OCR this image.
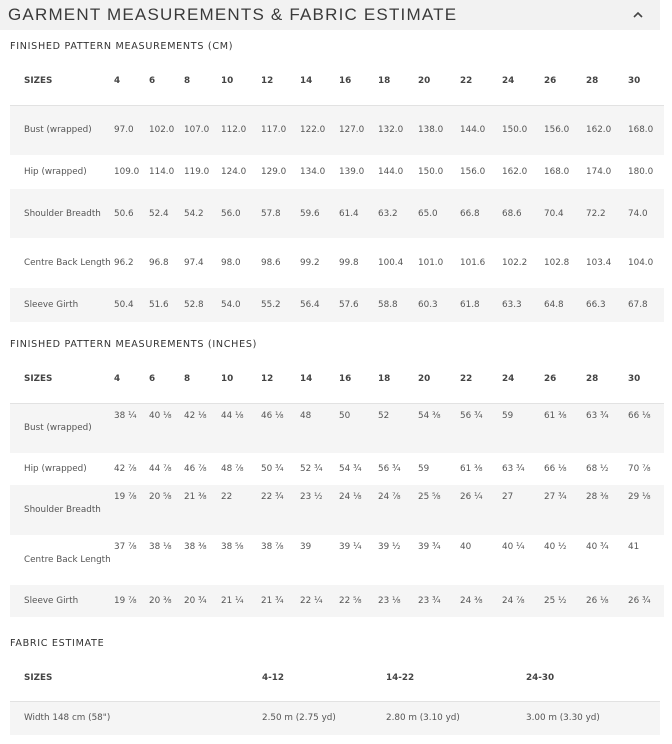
GARMENT MEASUREMENTS & FABRIC ESTIMATE
FINISHED PATTERN MEASUREMENTS (CM)
SIZES	4	6	8	10	12	14	16	18	20	22	24	26	28	30
Bust (wrapped)	97.0	102.0	107.0	112.0	117.0	122.0	127.0	132.0	138.0	144.0	150.0	156.0	162.0	168.0
Hip (wrapped)	109.0	114.0	119.0	124.0	129.0	134.0	139.0	144.0	150.0	156.0	162.0	168.0	174.0	180.0
Shoulder Breadth	50.6	52.4	54.2	56.0	57.8	59.6	61.4	63.2	65.0	66.8	68.6	70.4	72.2	74.0
Centre Back Length	96.2	96.8	97.4	98.0	98.6	99.2	99.8	100.4	101.0	101.6	102.2	102.8	103.4	104.0
Sleeve Girth	50.4	51.6	52.8	54.0	55.2	56.4	57.6	58.8	60.3	61.8	63.3	64.8	66.3	67.8
FINISHED PATTERN MEASUREMENTS (INCHES)
SIZES	4	6	8	10	12	14	16	18	20	22	24	26	28	30
Bust (wrapped)	38 ¼	40 ⅛	42 ⅛	44 ⅛	46 ⅛	48	50	52	54 ⅜	56 ¾	59	61 ⅜	63 ¾	66 ⅛
Hip (wrapped)	42 ⅞	44 ⅞	46 ⅞	48 ⅞	50 ¾	52 ¾	54 ¾	56 ¾	59	61 ⅜	63 ¾	66 ⅛	68 ½	70 ⅞
Shoulder Breadth	19 ⅞	20 ⅝	21 ⅜	22	22 ¾	23 ½	24 ⅛	24 ⅞	25 ⅝	26 ¼	27	27 ¾	28 ⅜	29 ⅛
Centre Back Length	37 ⅞	38 ⅛	38 ⅜	38 ⅝	38 ⅞	39	39 ¼	39 ½	39 ¾	40	40 ¼	40 ½	40 ¾	41
Sleeve Girth	19 ⅞	20 ⅜	20 ¾	21 ¼	21 ¾	22 ¼	22 ⅝	23 ⅛	23 ¾	24 ⅜	24 ⅞	25 ½	26 ⅛	26 ¾
FABRIC ESTIMATE
SIZES	4-12	14-22	24-30
Width 148 cm (58")	2.50 m (2.75 yd)	2.80 m (3.10 yd)	3.00 m (3.30 yd)
